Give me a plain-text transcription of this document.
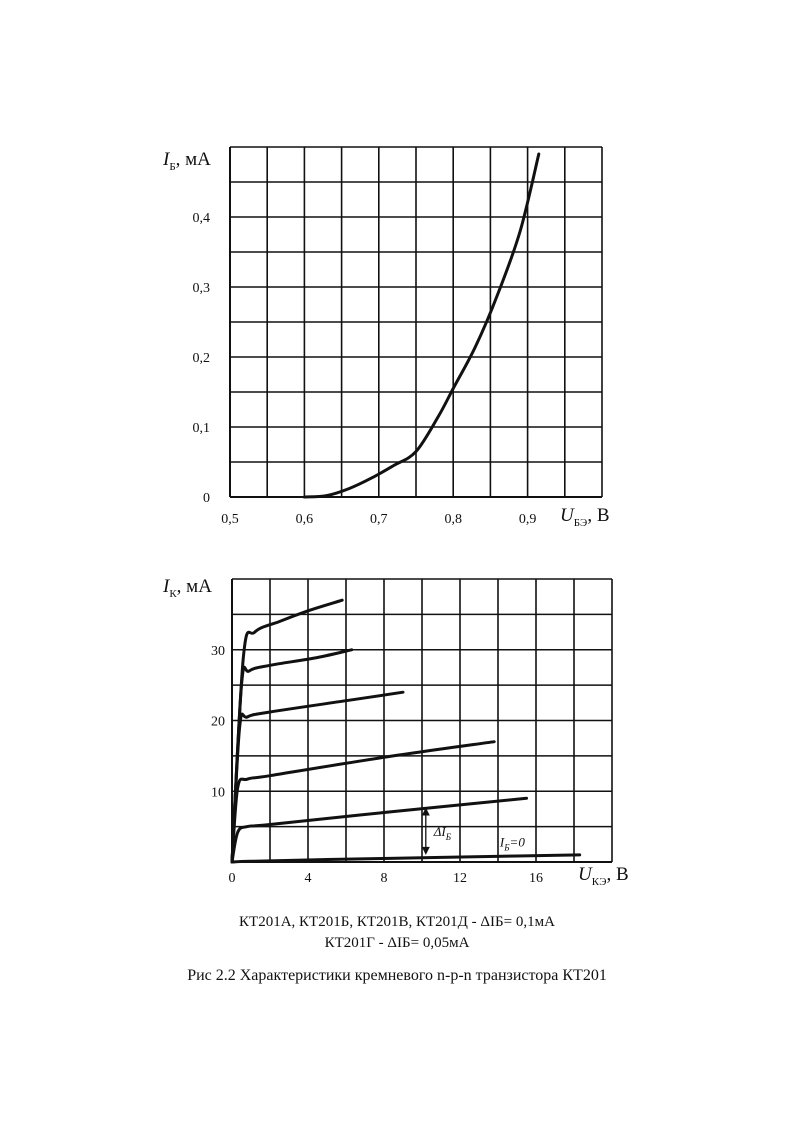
0,5	0,6	0,7	0,8	0,9
0
0,1
0,2
0,3
0,4
$I_Б$, мА
$U_{БЭ}$, В
0	4	8	12	16
10
20
30
$I_К$, мА
$U_{КЭ}$, В
$\Delta I_Б$	$I_Б=0$
КТ201А, КТ201Б, КТ201В, КТ201Д - ΔIБ= 0,1мА
КТ201Г - ΔIБ= 0,05мА
Рис 2.2 Характеристики кремневого n-p-n транзистора КТ201
